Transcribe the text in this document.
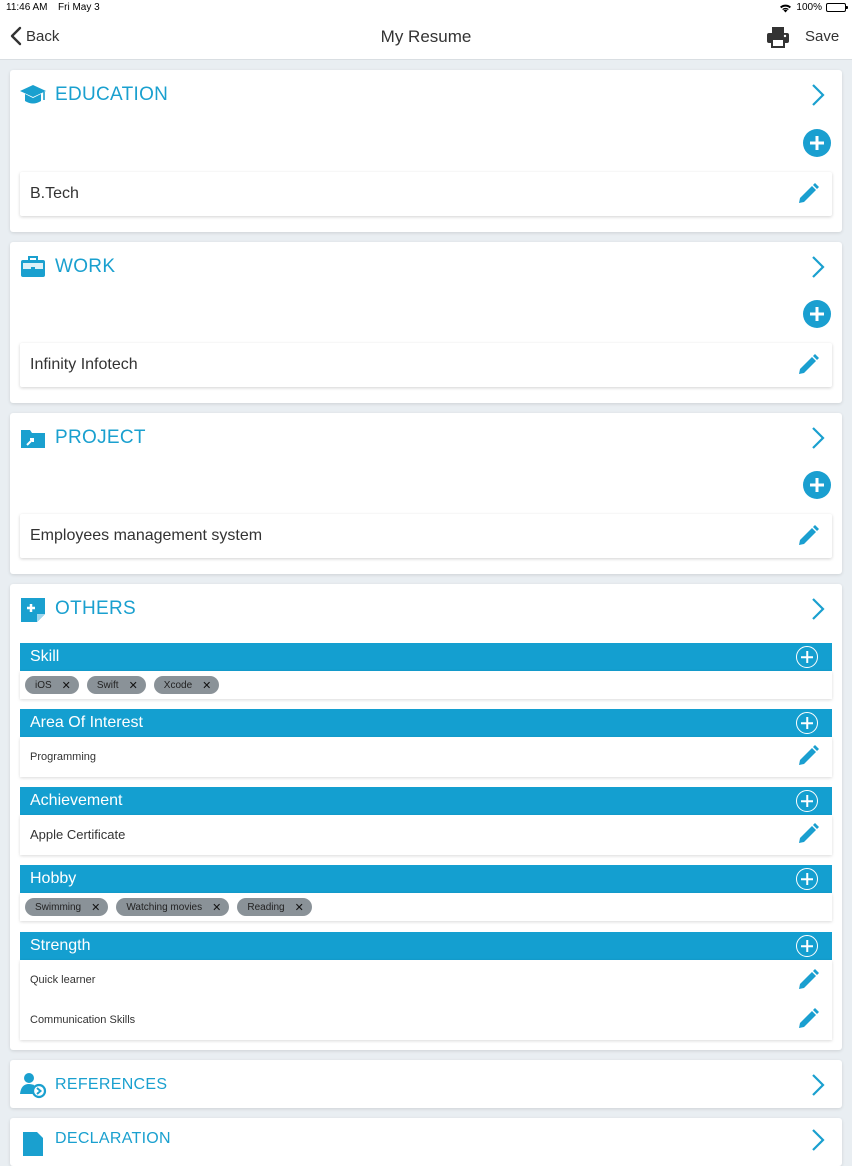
11:46 AM Fri May 3	100%
Back	My Resume	Save
EDUCATION
B.Tech
WORK
Infinity Infotech
PROJECT
Employees management system
OTHERS
Skill
iOS ✕	Swift ✕	Xcode ✕
Area Of Interest
Programming
Achievement
Apple Certificate
Hobby
Swimming ✕	Watching movies ✕	Reading ✕
Strength
Quick learner
Communication Skills
REFERENCES
DECLARATION
